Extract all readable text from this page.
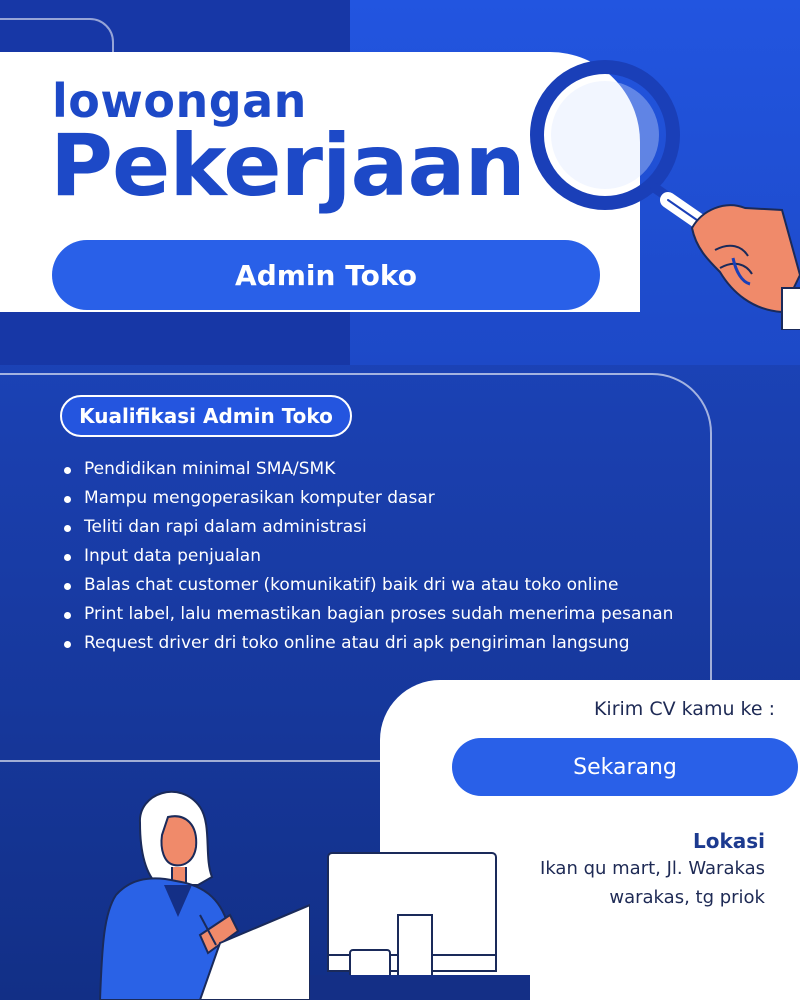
lowongan
Pekerjaan
Admin Toko
Kualifikasi Admin Toko
Pendidikan minimal SMA/SMK
Mampu mengoperasikan komputer dasar
Teliti dan rapi dalam administrasi
Input data penjualan
Balas chat customer (komunikatif) baik dri wa atau toko online
Print label, lalu memastikan bagian proses sudah menerima pesanan
Request driver dri toko online atau dri apk pengiriman langsung
Kirim CV kamu ke :
Sekarang
Lokasi
Ikan qu mart, Jl. Warakas
warakas, tg priok
